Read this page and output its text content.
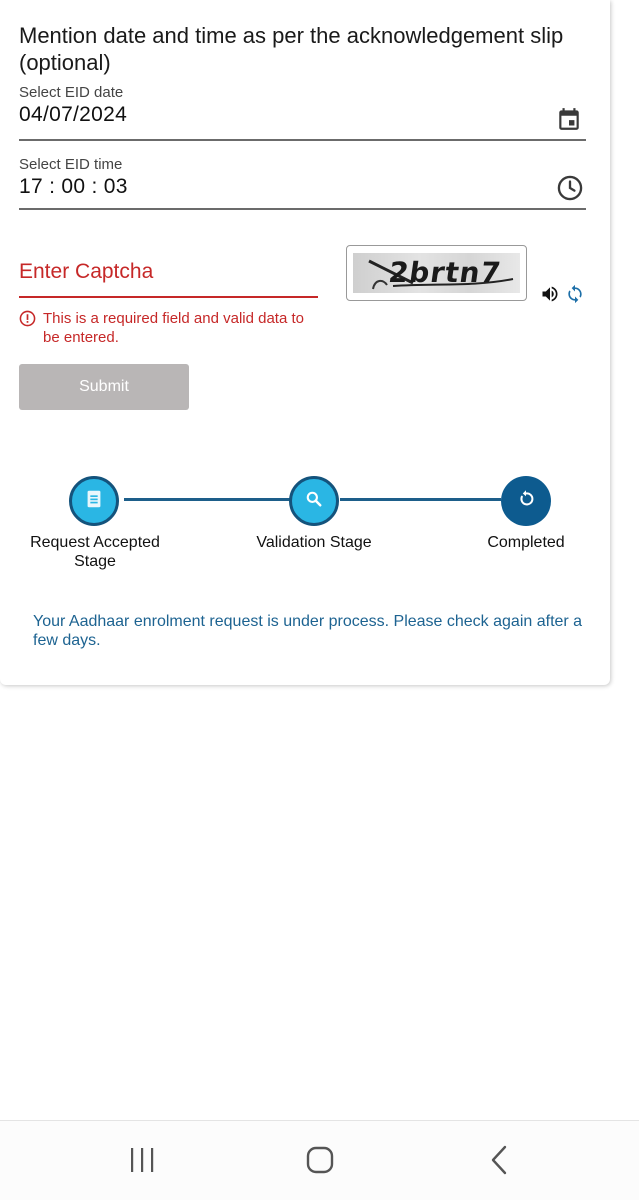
Mention date and time as per the acknowledgement slip (optional)
Select EID date
04/07/2024
Select EID time
17 : 00 : 03
Enter Captcha
This is a required field and valid data to be entered.
2brtn7
Submit
Request Accepted Stage
Validation Stage	Completed
Your Aadhaar enrolment request is under process. Please check again after a few days.
